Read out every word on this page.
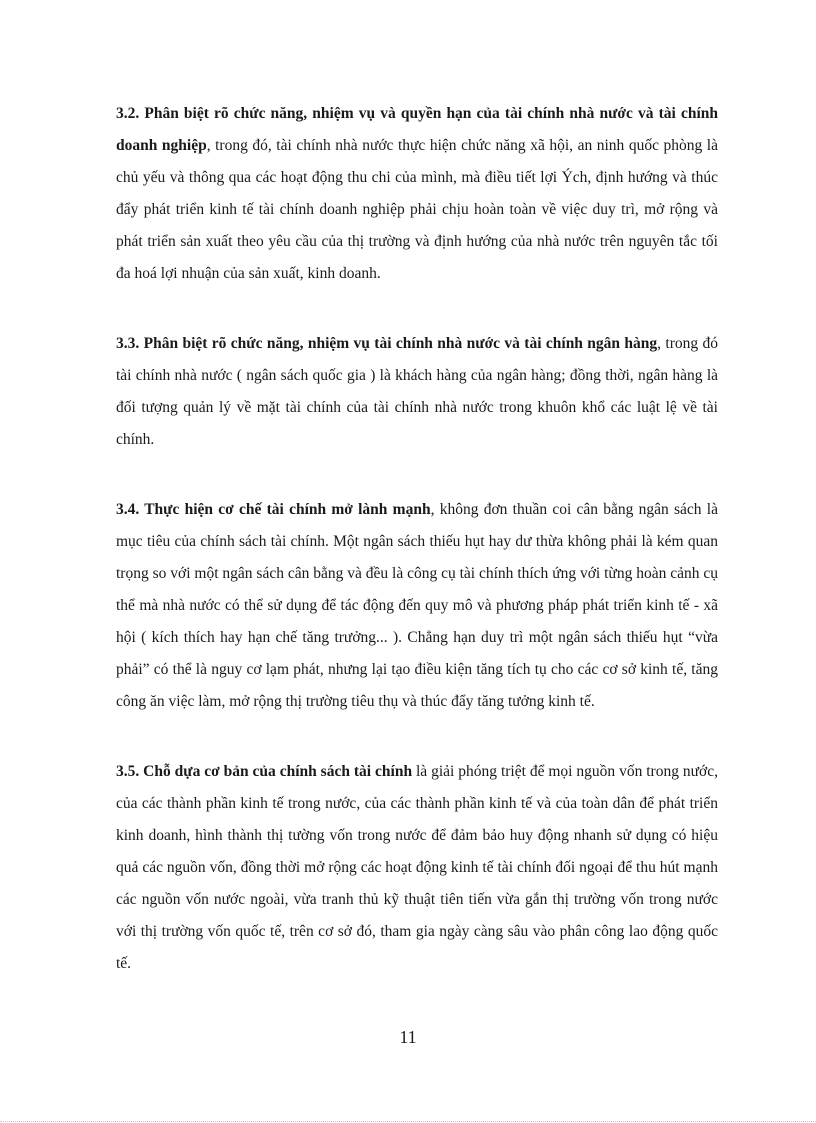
3.2. Phân biệt rõ chức năng, nhiệm vụ và quyền hạn của tài chính nhà nước và tài chính doanh nghiệp, trong đó, tài chính nhà nước thực hiện chức năng xã hội, an ninh quốc phòng là chủ yếu và thông qua các hoạt động thu chi của mình, mà điều tiết lợi Ých, định hướng và thúc đẩy phát triển kinh tế tài chính doanh nghiệp phải chịu hoàn toàn về việc duy trì, mở rộng và phát triển sản xuất theo yêu cầu của thị trường và định hướng của nhà nước trên nguyên tắc tối đa hoá lợi nhuận của sản xuất, kinh doanh.

3.3. Phân biệt rõ chức năng, nhiệm vụ tài chính nhà nước và tài chính ngân hàng, trong đó tài chính nhà nước ( ngân sách quốc gia ) là khách hàng của ngân hàng; đồng thời, ngân hàng là đối tượng quản lý về mặt tài chính của tài chính nhà nước trong khuôn khổ các luật lệ về tài chính.

3.4. Thực hiện cơ chế tài chính mở lành mạnh, không đơn thuần coi cân bằng ngân sách là mục tiêu của chính sách tài chính. Một ngân sách thiếu hụt hay dư thừa không phải là kém quan trọng so với một ngân sách cân bằng và đều là công cụ tài chính thích ứng với từng hoàn cảnh cụ thể mà nhà nước có thể sử dụng để tác động đến quy mô và phương pháp phát triển kinh tế - xã hội ( kích thích hay hạn chế tăng trưởng... ). Chẳng hạn duy trì một ngân sách thiếu hụt “vừa phải” có thể là nguy cơ lạm phát, nhưng lại tạo điều kiện tăng tích tụ cho các cơ sở kinh tế, tăng công ăn việc làm, mở rộng thị trường tiêu thụ và thúc đẩy tăng tưởng kinh tế.

3.5. Chỗ dựa cơ bản của chính sách tài chính là giải phóng triệt để mọi nguồn vốn trong nước, của các thành phần kinh tế trong nước, của các thành phần kinh tế và của toàn dân để phát triển kinh doanh, hình thành thị tường vốn trong nước để đảm bảo huy động nhanh sử dụng có hiệu quả các nguồn vốn, đồng thời mở rộng các hoạt động kinh tế tài chính đối ngoại để thu hút mạnh các nguồn vốn nước ngoài, vừa tranh thủ kỹ thuật tiên tiến vừa gắn thị trường vốn trong nước với thị trường vốn quốc tế, trên cơ sở đó, tham gia ngày càng sâu vào phân công lao động quốc tế.

11
